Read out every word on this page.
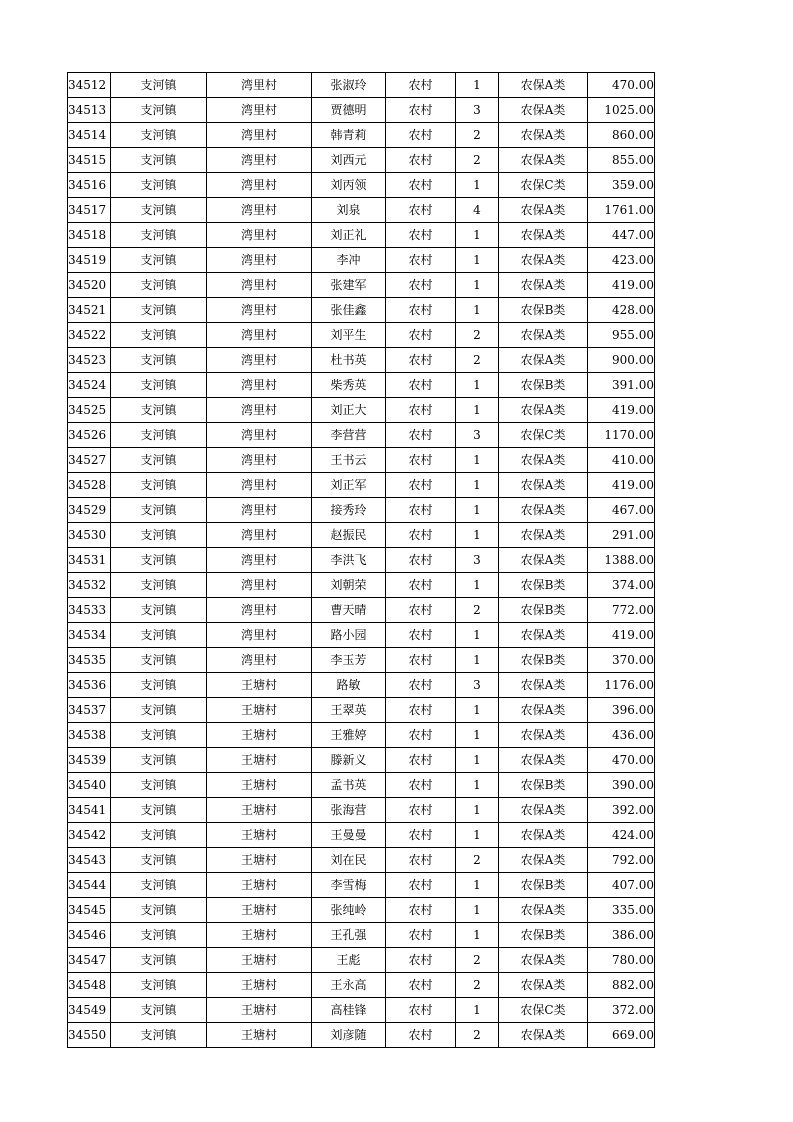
34512	支河镇	湾里村	张淑玲	农村	1	农保A类	470.00
34513	支河镇	湾里村	贾德明	农村	3	农保A类	1025.00
34514	支河镇	湾里村	韩青莉	农村	2	农保A类	860.00
34515	支河镇	湾里村	刘西元	农村	2	农保A类	855.00
34516	支河镇	湾里村	刘丙领	农村	1	农保C类	359.00
34517	支河镇	湾里村	刘泉	农村	4	农保A类	1761.00
34518	支河镇	湾里村	刘正礼	农村	1	农保A类	447.00
34519	支河镇	湾里村	李冲	农村	1	农保A类	423.00
34520	支河镇	湾里村	张建军	农村	1	农保A类	419.00
34521	支河镇	湾里村	张佳鑫	农村	1	农保B类	428.00
34522	支河镇	湾里村	刘平生	农村	2	农保A类	955.00
34523	支河镇	湾里村	杜书英	农村	2	农保A类	900.00
34524	支河镇	湾里村	柴秀英	农村	1	农保B类	391.00
34525	支河镇	湾里村	刘正大	农村	1	农保A类	419.00
34526	支河镇	湾里村	李营营	农村	3	农保C类	1170.00
34527	支河镇	湾里村	王书云	农村	1	农保A类	410.00
34528	支河镇	湾里村	刘正军	农村	1	农保A类	419.00
34529	支河镇	湾里村	接秀玲	农村	1	农保A类	467.00
34530	支河镇	湾里村	赵振民	农村	1	农保A类	291.00
34531	支河镇	湾里村	李洪飞	农村	3	农保A类	1388.00
34532	支河镇	湾里村	刘朝荣	农村	1	农保B类	374.00
34533	支河镇	湾里村	曹天晴	农村	2	农保B类	772.00
34534	支河镇	湾里村	路小园	农村	1	农保A类	419.00
34535	支河镇	湾里村	李玉芳	农村	1	农保B类	370.00
34536	支河镇	王塘村	路敏	农村	3	农保A类	1176.00
34537	支河镇	王塘村	王翠英	农村	1	农保A类	396.00
34538	支河镇	王塘村	王雅婷	农村	1	农保A类	436.00
34539	支河镇	王塘村	滕新义	农村	1	农保A类	470.00
34540	支河镇	王塘村	孟书英	农村	1	农保B类	390.00
34541	支河镇	王塘村	张海营	农村	1	农保A类	392.00
34542	支河镇	王塘村	王曼曼	农村	1	农保A类	424.00
34543	支河镇	王塘村	刘在民	农村	2	农保A类	792.00
34544	支河镇	王塘村	李雪梅	农村	1	农保B类	407.00
34545	支河镇	王塘村	张纯岭	农村	1	农保A类	335.00
34546	支河镇	王塘村	王孔强	农村	1	农保B类	386.00
34547	支河镇	王塘村	王彪	农村	2	农保A类	780.00
34548	支河镇	王塘村	王永高	农村	2	农保A类	882.00
34549	支河镇	王塘村	高桂锋	农村	1	农保C类	372.00
34550	支河镇	王塘村	刘彦随	农村	2	农保A类	669.00
